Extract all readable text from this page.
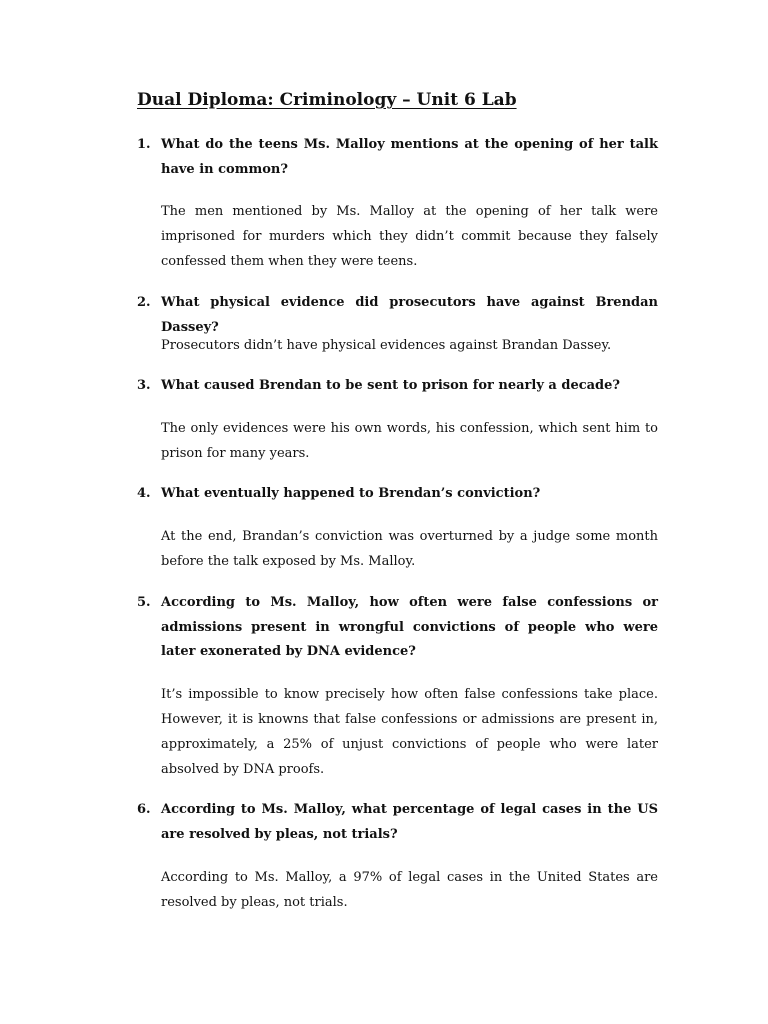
Dual Diploma: Criminology – Unit 6 Lab
1. What do the teens Ms. Malloy mentions at the opening of her talk have in common?

The men mentioned by Ms. Malloy at the opening of her talk were imprisoned for murders which they didn’t commit because they falsely confessed them when they were teens.

2. What physical evidence did prosecutors have against Brendan Dassey?

Prosecutors didn’t have physical evidences against Brandan Dassey.

3. What caused Brendan to be sent to prison for nearly a decade?

The only evidences were his own words, his confession, which sent him to prison for many years.

4. What eventually happened to Brendan’s conviction?

At the end, Brandan’s conviction was overturned by a judge some month before the talk exposed by Ms. Malloy.

5. According to Ms. Malloy, how often were false confessions or admissions present in wrongful convictions of people who were later exonerated by DNA evidence?

It’s impossible to know precisely how often false confessions take place. However, it is knowns that false confessions or admissions are present in, approximately, a 25% of unjust convictions of people who were later absolved by DNA proofs.

6. According to Ms. Malloy, what percentage of legal cases in the US are resolved by pleas, not trials?

According to Ms. Malloy, a 97% of legal cases in the United States are resolved by pleas, not trials.
